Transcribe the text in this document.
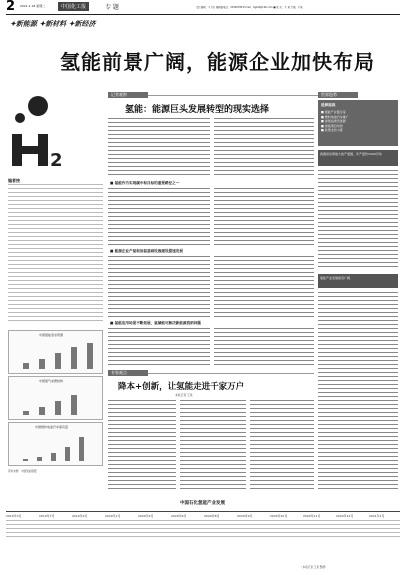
2 2021.1.18 星期二	中国化工报	专 题	责任编辑：王卫东 编辑部电话：23456789 E-mail：hgbzt@126.com ■ 版 式：王 某 美编：王某
✦新能源 ✦新材料 ✦新经济
氢能前景广阔，能源企业加快布局
2
编者按
中国氢能需求预测
中国氢气来源结构
中国燃料电池汽车保有量
资料来源：中国氢能联盟
记者观察	世界趋势
氢能：能源巨头发展转型的现实选择
■ 氢能作为实现碳中和目标的重要路径之一
■ 能源企业产氢和加氢基础设施建设提速发展
■ 氢能应用场景不断拓展，氢储能可解决新能源消纳问题
延伸阅读
■ 氢能产业链全景
■ 燃料电池汽车推广
■ 加氢站建设进展
■ 绿氢项目布局
■ 政策支持力度
我国是世界最大的产氢国，年产量约3300万吨
氢能产业发展前景广阔
专家观点
降本+创新，让氢能走进千家万户
本报记者 王某
中国石化氢能产业发展
2019年3月	2019年7月	2019年9月	2020年1月	2020年4月	2020年6月	2020年8月	2020年9月	2020年10月	2020年11月	2020年12月	2021年1月
（本报记者 王某 整理）
